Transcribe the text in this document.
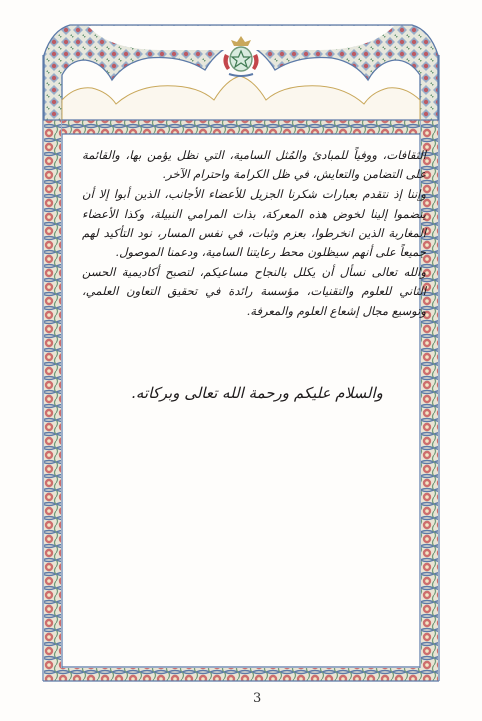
الثقافات، ووفياً للمبادئ والمُثل السامية، التي نظل يؤمن بها، والقائمة على التضامن والتعايش، في ظل الكرامة واحترام الآخر.

وإننا إذ نتقدم بعبارات شكرنا الجزيل للأعضاء الأجانب، الذين أبوا إلا أن ينضموا إلينا لخوض هذه المعركة، بذات المرامي النبيلة، وكذا الأعضاء المغاربة الذين انخرطوا، بعزم وثبات، في نفس المسار، نود التأكيد لهم جميعاً على أنهم سيظلون محط رعايتنا السامية، ودعمنا الموصول.

والله تعالى نسأل أن يكلل بالنجاح مساعيكم، لتصبح أكاديمية الحسن الثاني للعلوم والتقنيات، مؤسسة رائدة في تحقيق التعاون العلمي، وتوسيع مجال إشعاع العلوم والمعرفة.

والسلام عليكم ورحمة الله تعالى وبركاته.
3
